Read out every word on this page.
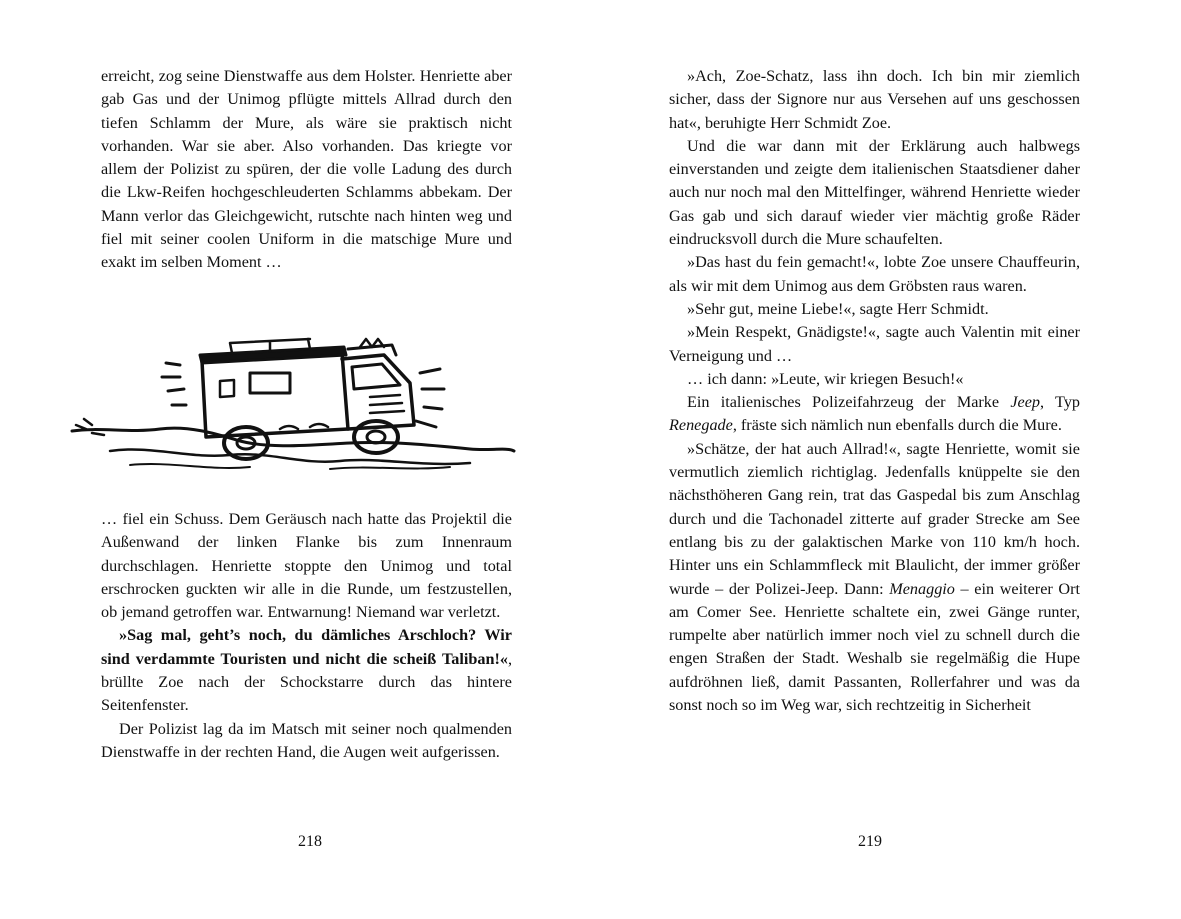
erreicht, zog seine Dienstwaffe aus dem Holster. Henriette aber gab Gas und der Unimog pflügte mittels Allrad durch den tiefen Schlamm der Mure, als wäre sie praktisch nicht vorhanden. War sie aber. Also vorhanden. Das kriegte vor allem der Polizist zu spüren, der die volle Ladung des durch die Lkw-Reifen hochgeschleuderten Schlamms abbekam. Der Mann verlor das Gleichgewicht, rutschte nach hinten weg und fiel mit seiner coolen Uniform in die matschige Mure und exakt im selben Moment …

… fiel ein Schuss. Dem Geräusch nach hatte das Projektil die Außenwand der linken Flanke bis zum Innenraum durchschlagen. Henriette stoppte den Unimog und total erschrocken guckten wir alle in die Runde, um festzustellen, ob jemand getroffen war. Entwarnung! Niemand war verletzt.

»Sag mal, geht’s noch, du dämliches Arschloch? Wir sind verdammte Touristen und nicht die scheiß Taliban!«, brüllte Zoe nach der Schockstarre durch das hintere Seitenfenster.

Der Polizist lag da im Matsch mit seiner noch qualmenden Dienstwaffe in der rechten Hand, die Augen weit aufgerissen.

218

»Ach, Zoe-Schatz, lass ihn doch. Ich bin mir ziemlich sicher, dass der Signore nur aus Versehen auf uns geschossen hat«, beruhigte Herr Schmidt Zoe.

Und die war dann mit der Erklärung auch halbwegs einverstanden und zeigte dem italienischen Staatsdiener daher auch nur noch mal den Mittelfinger, während Henriette wieder Gas gab und sich darauf wieder vier mächtig große Räder eindrucksvoll durch die Mure schaufelten.

»Das hast du fein gemacht!«, lobte Zoe unsere Chauffeurin, als wir mit dem Unimog aus dem Gröbsten raus waren.

»Sehr gut, meine Liebe!«, sagte Herr Schmidt.

»Mein Respekt, Gnädigste!«, sagte auch Valentin mit einer Verneigung und …

… ich dann: »Leute, wir kriegen Besuch!«

Ein italienisches Polizeifahrzeug der Marke Jeep, Typ Renegade, fräste sich nämlich nun ebenfalls durch die Mure.

»Schätze, der hat auch Allrad!«, sagte Henriette, womit sie vermutlich ziemlich richtiglag. Jedenfalls knüppelte sie den nächsthöheren Gang rein, trat das Gaspedal bis zum Anschlag durch und die Tachonadel zitterte auf grader Strecke am See entlang bis zu der galaktischen Marke von 110 km/h hoch. Hinter uns ein Schlammfleck mit Blaulicht, der immer größer wurde – der Polizei-Jeep. Dann: Menaggio – ein weiterer Ort am Comer See. Henriette schaltete ein, zwei Gänge runter, rumpelte aber natürlich immer noch viel zu schnell durch die engen Straßen der Stadt. Weshalb sie regelmäßig die Hupe aufdröhnen ließ, damit Passanten, Rollerfahrer und was da sonst noch so im Weg war, sich rechtzeitig in Sicherheit

219
